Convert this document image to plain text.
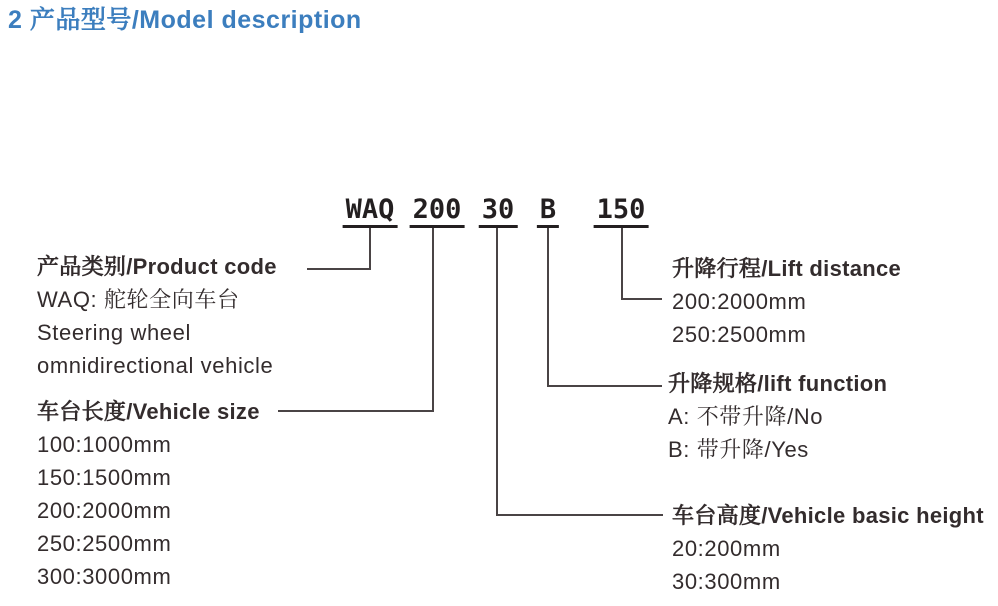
2 产品型号/Model description
WAQ 200 30 B 150
产品类别/Product code
WAQ: 舵轮全向车台
Steering wheel
omnidirectional vehicle
车台长度/Vehicle size
100:1000mm
150:1500mm
200:2000mm
250:2500mm
300:3000mm
升降行程/Lift distance
200:2000mm
250:2500mm
升降规格/lift function
A: 不带升降/No
B: 带升降/Yes
车台高度/Vehicle basic height
20:200mm
30:300mm
